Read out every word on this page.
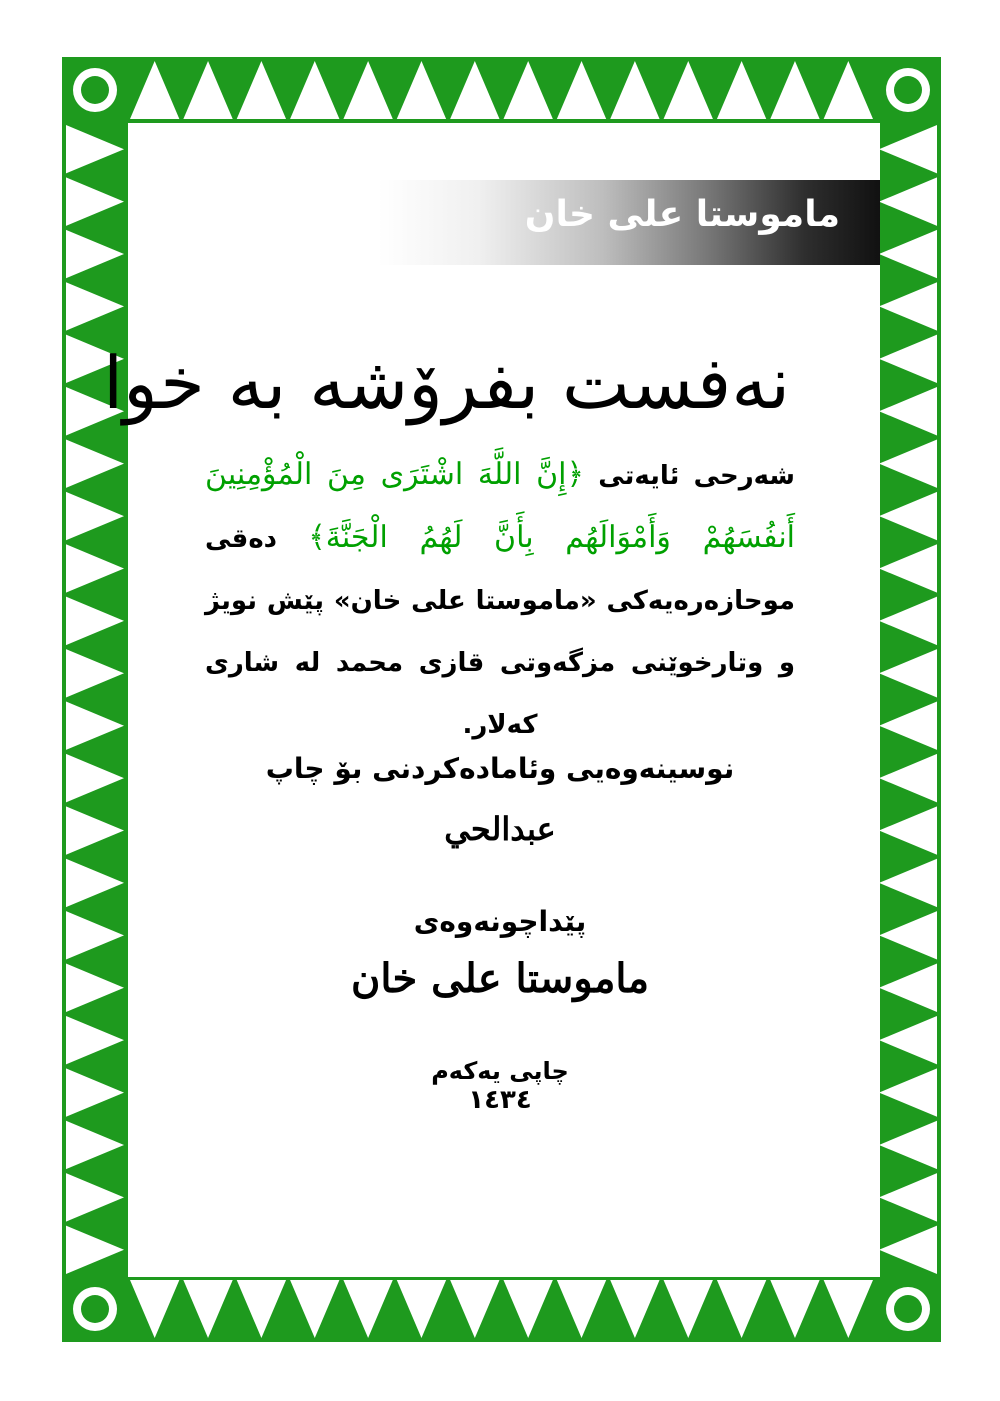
ماموستا علی خان
نەفست بفرۆشە بە خوا
شەرحی ئایەتی ﴿إِنَّ اللَّهَ اشْتَرَى مِنَ الْمُؤْمِنِينَ أَنفُسَهُمْ وَأَمْوَالَهُم بِأَنَّ لَهُمُ الْجَنَّةَ﴾ دەقی موحازەرەیەکی «ماموستا علی خان» پێش نویژ و وتارخوێنی مزگەوتی قازی محمد لە شاری کەلار.
نوسینەوەیی وئامادەکردنی بۆ چاپ
عبدالحي
پێداچونەوەی
ماموستا علی خان
چاپی یەکەم
١٤٣٤
